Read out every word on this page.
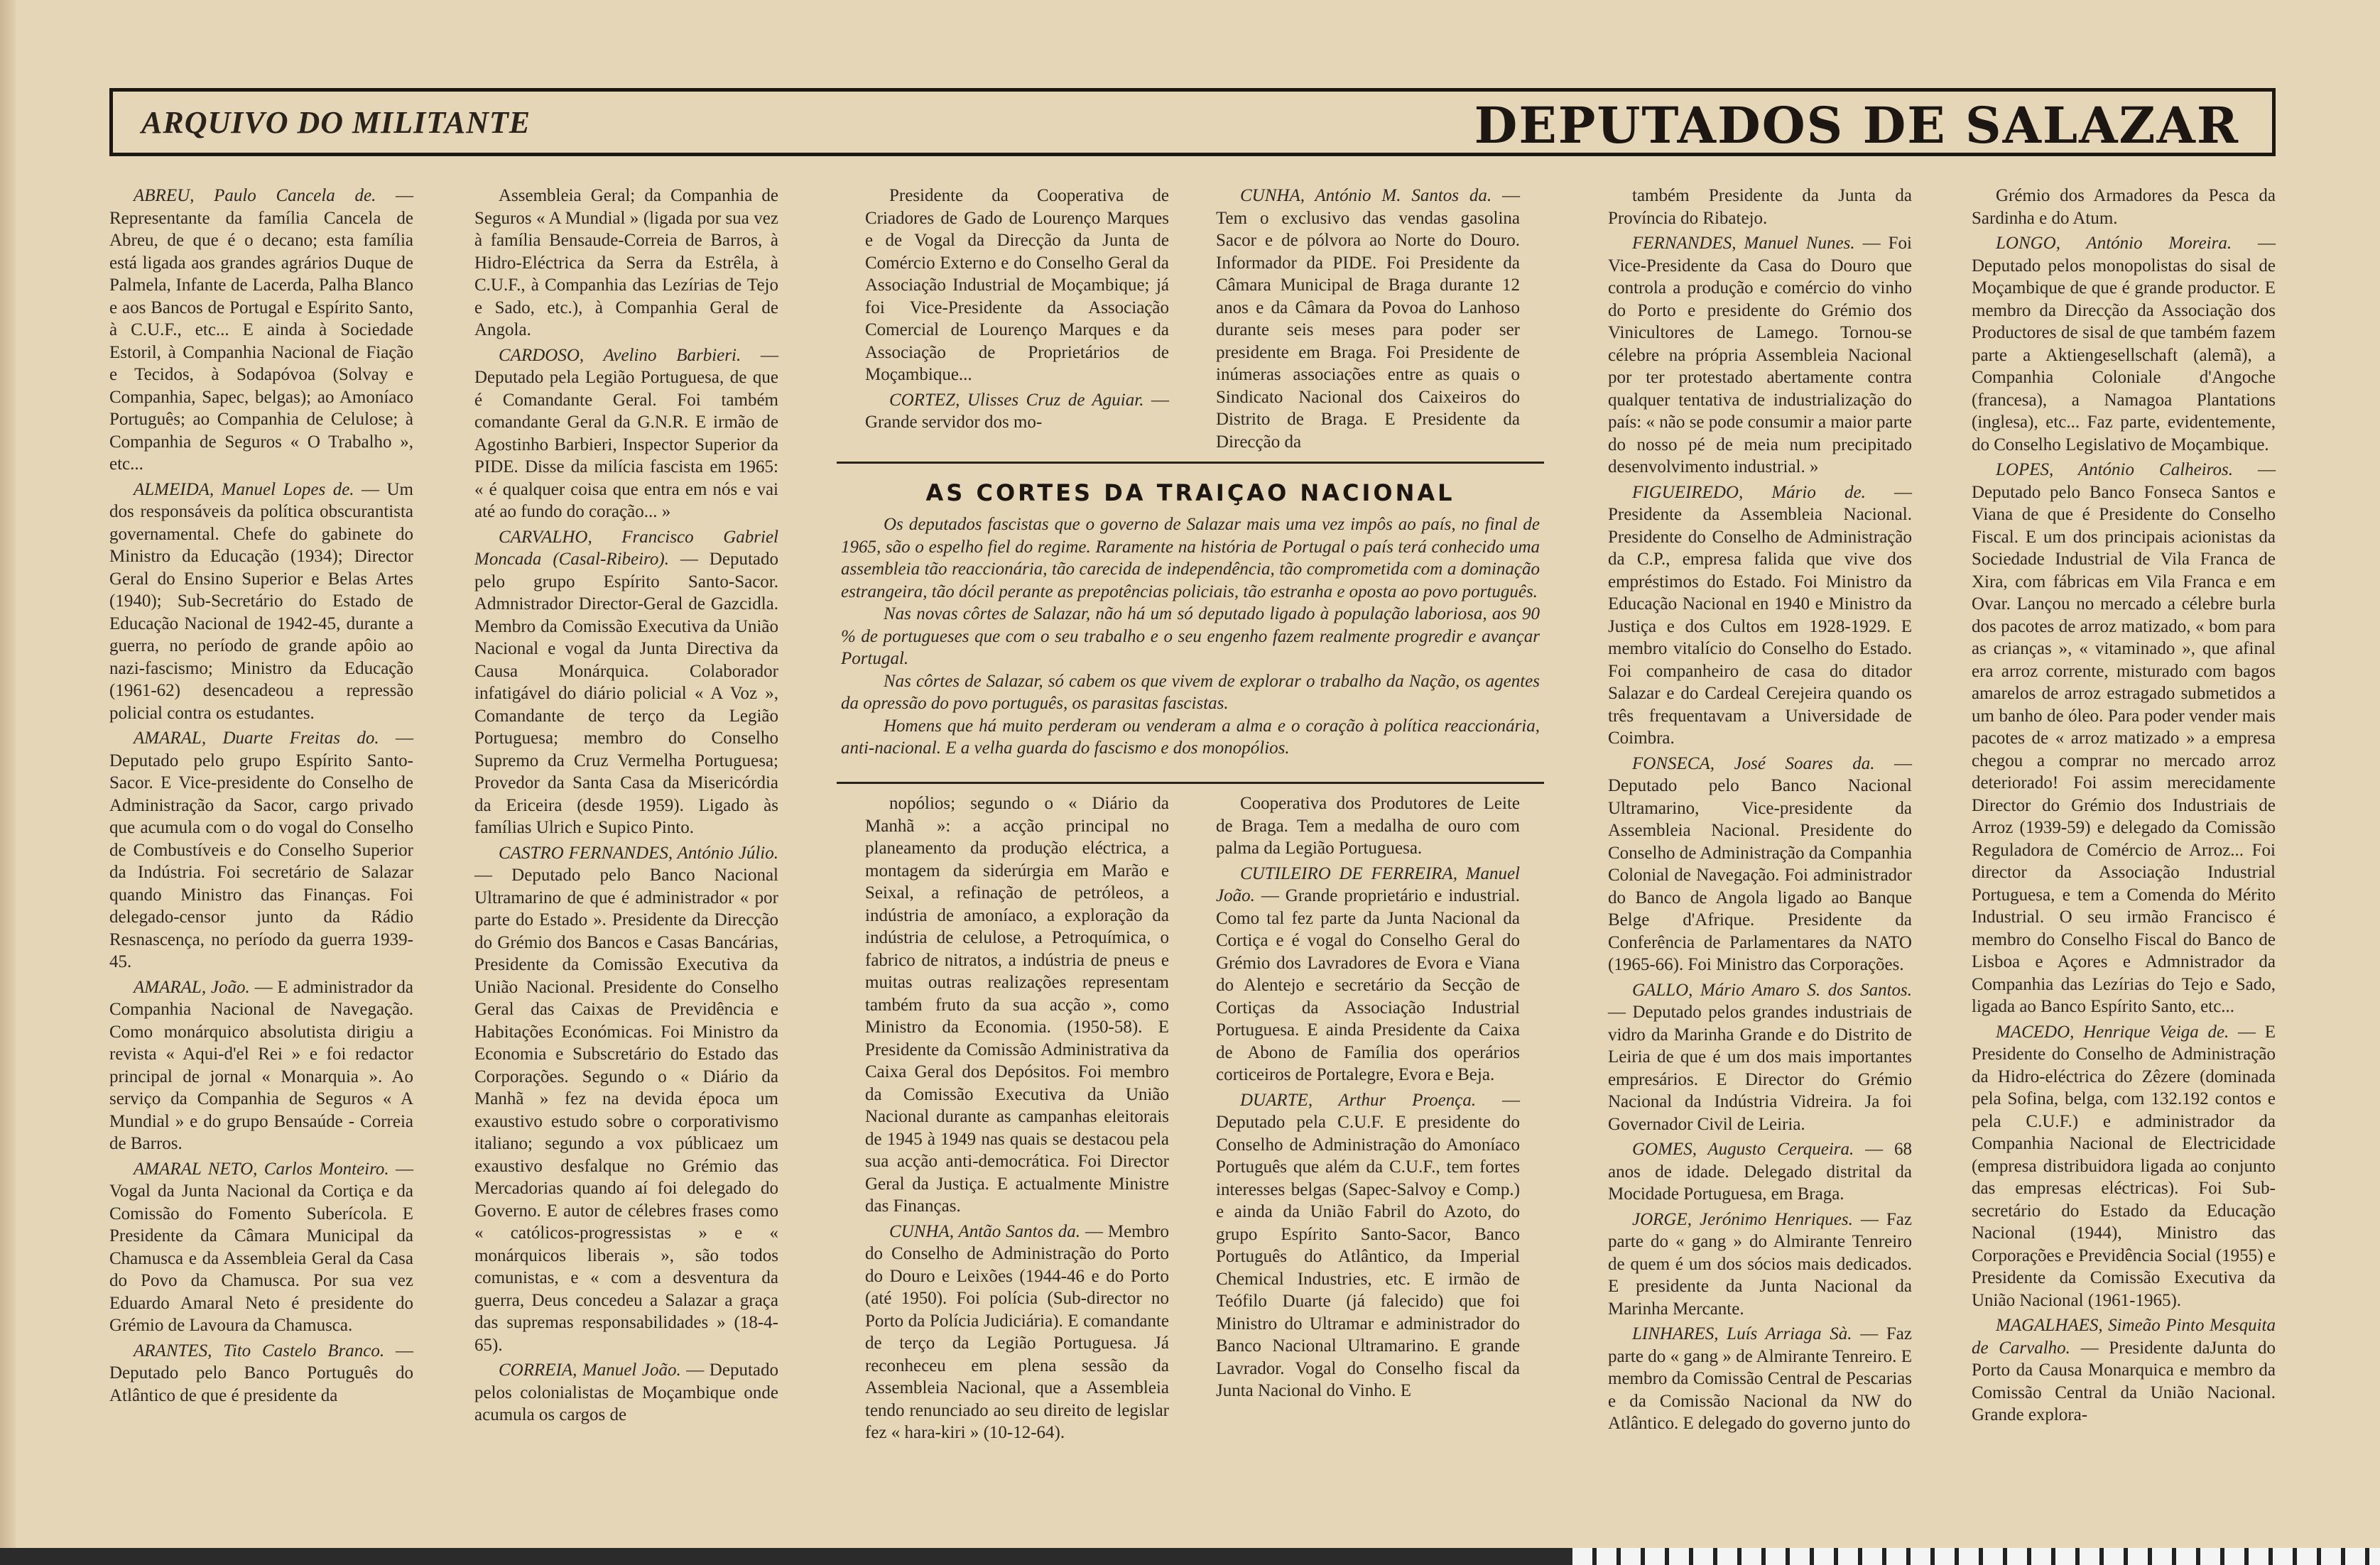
ARQUIVO DO MILITANTE	DEPUTADOS DE SALAZAR

ABREU, Paulo Cancela de. — Representante da família Cancela de Abreu, de que é o decano; esta família está ligada aos grandes agrários Duque de Palmela, Infante de Lacerda, Palha Blanco e aos Bancos de Portugal e Espírito Santo, à C.U.F., etc... E ainda à Sociedade Estoril, à Companhia Nacional de Fiação e Tecidos, à Sodapóvoa (Solvay e Companhia, Sapec, belgas); ao Amoníaco Português; ao Companhia de Celulose; à Companhia de Seguros « O Trabalho », etc...

ALMEIDA, Manuel Lopes de. — Um dos responsáveis da política obscurantista governamental. Chefe do gabinete do Ministro da Educação (1934); Director Geral do Ensino Superior e Belas Artes (1940); Sub-Secretário do Estado de Educação Nacional de 1942-45, durante a guerra, no período de grande apôio ao nazi-fascismo; Ministro da Educação (1961-62) desencadeou a repressão policial contra os estudantes.

AMARAL, Duarte Freitas do. — Deputado pelo grupo Espírito Santo-Sacor. E Vice-presidente do Conselho de Administração da Sacor, cargo privado que acumula com o do vogal do Conselho de Combustíveis e do Conselho Superior da Indústria. Foi secretário de Salazar quando Ministro das Finanças. Foi delegado-censor junto da Rádio Resnascença, no período da guerra 1939-45.

AMARAL, João. — E administrador da Companhia Nacional de Navegação. Como monárquico absolutista dirigiu a revista « Aqui-d'el Rei » e foi redactor principal de jornal « Monarquia ». Ao serviço da Companhia de Seguros « A Mundial » e do grupo Bensaúde - Correia de Barros.

AMARAL NETO, Carlos Monteiro. — Vogal da Junta Nacional da Cortiça e da Comissão do Fomento Suberícola. E Presidente da Câmara Municipal da Chamusca e da Assembleia Geral da Casa do Povo da Chamusca. Por sua vez Eduardo Amaral Neto é presidente do Grémio de Lavoura da Chamusca.

ARANTES, Tito Castelo Branco. — Deputado pelo Banco Português do Atlântico de que é presidente da

Assembleia Geral; da Companhia de Seguros « A Mundial » (ligada por sua vez à família Bensaude-Correia de Barros, à Hidro-Eléctrica da Serra da Estrêla, à C.U.F., à Companhia das Lezírias de Tejo e Sado, etc.), à Companhia Geral de Angola.

CARDOSO, Avelino Barbieri. — Deputado pela Legião Portuguesa, de que é Comandante Geral. Foi também comandante Geral da G.N.R. E irmão de Agostinho Barbieri, Inspector Superior da PIDE. Disse da milícia fascista em 1965: « é qualquer coisa que entra em nós e vai até ao fundo do coração... »

CARVALHO, Francisco Gabriel Moncada (Casal-Ribeiro). — Deputado pelo grupo Espírito Santo-Sacor. Admnistrador Director-Geral de Gazcidla. Membro da Comissão Executiva da União Nacional e vogal da Junta Directiva da Causa Monárquica. Colaborador infatigável do diário policial « A Voz », Comandante de terço da Legião Portuguesa; membro do Conselho Supremo da Cruz Vermelha Portuguesa; Provedor da Santa Casa da Misericórdia da Ericeira (desde 1959). Ligado às famílias Ulrich e Supico Pinto.

CASTRO FERNANDES, António Júlio. — Deputado pelo Banco Nacional Ultramarino de que é administrador « por parte do Estado ». Presidente da Direcção do Grémio dos Bancos e Casas Bancárias, Presidente da Comissão Executiva da União Nacional. Presidente do Conselho Geral das Caixas de Previdência e Habitações Económicas. Foi Ministro da Economia e Subscretário do Estado das Corporações. Segundo o « Diário da Manhã » fez na devida época um exaustivo estudo sobre o corporativismo italiano; segundo a vox públicaez um exaustivo desfalque no Grémio das Mercadorias quando aí foi delegado do Governo. E autor de célebres frases como « católicos-progressistas » e « monárquicos liberais », são todos comunistas, e « com a desventura da guerra, Deus concedeu a Salazar a graça das supremas responsabilidades » (18-4-65).

CORREIA, Manuel João. — Deputado pelos colonialistas de Moçambique onde acumula os cargos de

Presidente da Cooperativa de Criadores de Gado de Lourenço Marques e de Vogal da Direcção da Junta de Comércio Externo e do Conselho Geral da Associação Industrial de Moçambique; já foi Vice-Presidente da Associação Comercial de Lourenço Marques e da Associação de Proprietários de Moçambique...

CORTEZ, Ulisses Cruz de Aguiar. — Grande servidor dos mo-

CUNHA, António M. Santos da. — Tem o exclusivo das vendas gasolina Sacor e de pólvora ao Norte do Douro. Informador da PIDE. Foi Presidente da Câmara Municipal de Braga durante 12 anos e da Câmara da Povoa do Lanhoso durante seis meses para poder ser presidente em Braga. Foi Presidente de inúmeras associações entre as quais o Sindicato Nacional dos Caixeiros do Distrito de Braga. E Presidente da Direcção da

AS CORTES DA TRAIÇAO NACIONAL

Os deputados fascistas que o governo de Salazar mais uma vez impôs ao país, no final de 1965, são o espelho fiel do regime. Raramente na história de Portugal o país terá conhecido uma assembleia tão reaccionária, tão carecida de independência, tão comprometida com a dominação estrangeira, tão dócil perante as prepotências policiais, tão estranha e oposta ao povo português.

Nas novas côrtes de Salazar, não há um só deputado ligado à população laboriosa, aos 90 % de portugueses que com o seu trabalho e o seu engenho fazem realmente progredir e avançar Portugal.

Nas côrtes de Salazar, só cabem os que vivem de explorar o trabalho da Nação, os agentes da opressão do povo português, os parasitas fascistas.

Homens que há muito perderam ou venderam a alma e o coração à política reaccionária, anti-nacional. E a velha guarda do fascismo e dos monopólios.

nopólios; segundo o « Diário da Manhã »: a acção principal no planeamento da produção eléctrica, a montagem da siderúrgia em Marão e Seixal, a refinação de petróleos, a indústria de amoníaco, a exploração da indústria de celulose, a Petroquímica, o fabrico de nitratos, a indústria de pneus e muitas outras realizações representam também fruto da sua acção », como Ministro da Economia. (1950-58). E Presidente da Comissão Administrativa da Caixa Geral dos Depósitos. Foi membro da Comissão Executiva da União Nacional durante as campanhas eleitorais de 1945 à 1949 nas quais se destacou pela sua acção anti-democrática. Foi Director Geral da Justiça. E actualmente Ministre das Finanças.

CUNHA, Antão Santos da. — Membro do Conselho de Administração do Porto do Douro e Leixões (1944-46 e do Porto (até 1950). Foi polícia (Sub-director no Porto da Polícia Judiciária). E comandante de terço da Legião Portuguesa. Já reconheceu em plena sessão da Assembleia Nacional, que a Assembleia tendo renunciado ao seu direito de legislar fez « hara-kiri » (10-12-64).

Cooperativa dos Produtores de Leite de Braga. Tem a medalha de ouro com palma da Legião Portuguesa.

CUTILEIRO DE FERREIRA, Manuel João. — Grande proprietário e industrial. Como tal fez parte da Junta Nacional da Cortiça e é vogal do Conselho Geral do Grémio dos Lavradores de Evora e Viana do Alentejo e secretário da Secção de Cortiças da Associação Industrial Portuguesa. E ainda Presidente da Caixa de Abono de Família dos operários corticeiros de Portalegre, Evora e Beja.

DUARTE, Arthur Proença. — Deputado pela C.U.F. E presidente do Conselho de Administração do Amoníaco Português que além da C.U.F., tem fortes interesses belgas (Sapec-Salvoy e Comp.) e ainda da União Fabril do Azoto, do grupo Espírito Santo-Sacor, Banco Português do Atlântico, da Imperial Chemical Industries, etc. E irmão de Teófilo Duarte (já falecido) que foi Ministro do Ultramar e administrador do Banco Nacional Ultramarino. E grande Lavrador. Vogal do Conselho fiscal da Junta Nacional do Vinho. E

também Presidente da Junta da Província do Ribatejo.

FERNANDES, Manuel Nunes. — Foi Vice-Presidente da Casa do Douro que controla a produção e comércio do vinho do Porto e presidente do Grémio dos Vinicultores de Lamego. Tornou-se célebre na própria Assembleia Nacional por ter protestado abertamente contra qualquer tentativa de industrialização do país: « não se pode consumir a maior parte do nosso pé de meia num precipitado desenvolvimento industrial. »

FIGUEIREDO, Mário de. — Presidente da Assembleia Nacional. Presidente do Conselho de Administração da C.P., empresa falida que vive dos empréstimos do Estado. Foi Ministro da Educação Nacional en 1940 e Ministro da Justiça e dos Cultos em 1928-1929. E membro vitalício do Conselho do Estado. Foi companheiro de casa do ditador Salazar e do Cardeal Cerejeira quando os três frequentavam a Universidade de Coimbra.

FONSECA, José Soares da. — Deputado pelo Banco Nacional Ultramarino, Vice-presidente da Assembleia Nacional. Presidente do Conselho de Administração da Companhia Colonial de Navegação. Foi administrador do Banco de Angola ligado ao Banque Belge d'Afrique. Presidente da Conferência de Parlamentares da NATO (1965-66). Foi Ministro das Corporações.

GALLO, Mário Amaro S. dos Santos. — Deputado pelos grandes industriais de vidro da Marinha Grande e do Distrito de Leiria de que é um dos mais importantes empresários. E Director do Grémio Nacional da Indústria Vidreira. Ja foi Governador Civil de Leiria.

GOMES, Augusto Cerqueira. — 68 anos de idade. Delegado distrital da Mocidade Portuguesa, em Braga.

JORGE, Jerónimo Henriques. — Faz parte do « gang » do Almirante Tenreiro de quem é um dos sócios mais dedicados. E presidente da Junta Nacional da Marinha Mercante.

LINHARES, Luís Arriaga Sà. — Faz parte do « gang » de Almirante Tenreiro. E membro da Comissão Central de Pescarias e da Comissão Nacional da NW do Atlântico. E delegado do governo junto do

Grémio dos Armadores da Pesca da Sardinha e do Atum.

LONGO, António Moreira. — Deputado pelos monopolistas do sisal de Moçambique de que é grande productor. E membro da Direcção da Associação dos Productores de sisal de que também fazem parte a Aktiengesellschaft (alemã), a Companhia Coloniale d'Angoche (francesa), a Namagoa Plantations (inglesa), etc... Faz parte, evidentemente, do Conselho Legislativo de Moçambique.

LOPES, António Calheiros. — Deputado pelo Banco Fonseca Santos e Viana de que é Presidente do Conselho Fiscal. E um dos principais acionistas da Sociedade Industrial de Vila Franca de Xira, com fábricas em Vila Franca e em Ovar. Lançou no mercado a célebre burla dos pacotes de arroz matizado, « bom para as crianças », « vitaminado », que afinal era arroz corrente, misturado com bagos amarelos de arroz estragado submetidos a um banho de óleo. Para poder vender mais pacotes de « arroz matizado » a empresa chegou a comprar no mercado arroz deteriorado! Foi assim merecidamente Director do Grémio dos Industriais de Arroz (1939-59) e delegado da Comissão Reguladora de Comércio de Arroz... Foi director da Associação Industrial Portuguesa, e tem a Comenda do Mérito Industrial. O seu irmão Francisco é membro do Conselho Fiscal do Banco de Lisboa e Açores e Admnistrador da Companhia das Lezírias do Tejo e Sado, ligada ao Banco Espírito Santo, etc...

MACEDO, Henrique Veiga de. — E Presidente do Conselho de Administração da Hidro-eléctrica do Zêzere (dominada pela Sofina, belga, com 132.192 contos e pela C.U.F.) e administrador da Companhia Nacional de Electricidade (empresa distribuidora ligada ao conjunto das empresas eléctricas). Foi Sub-secretário do Estado da Educação Nacional (1944), Ministro das Corporações e Previdência Social (1955) e Presidente da Comissão Executiva da União Nacional (1961-1965).

MAGALHAES, Simeão Pinto Mesquita de Carvalho. — Presidente daJunta do Porto da Causa Monarquica e membro da Comissão Central da União Nacional. Grande explora-
